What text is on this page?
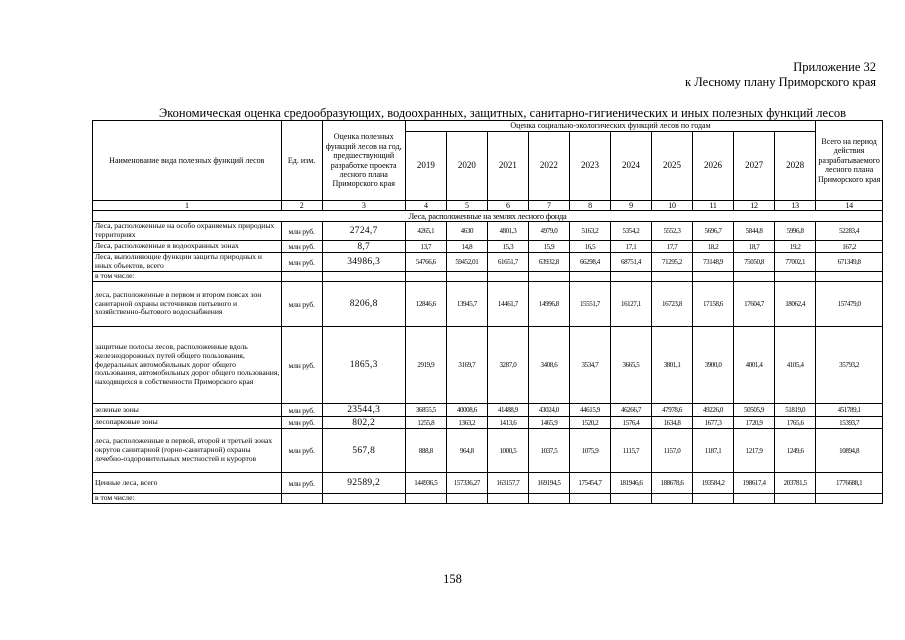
Приложение 32
к Лесному плану Приморского края
Экономическая оценка средообразующих, водоохранных, защитных, санитарно-гигиенических и иных полезных функций лесов
Наименование вида полезных функций лесов	Ед. изм.	Оценка полезных функций лесов на год, предшествующий разработке проекта лесного плана Приморского края	Оценка социально-экологических функций лесов по годам										Всего на период действия разрабатываемого лесного плана Приморского края
			2019	2020	2021	2022	2023	2024	2025	2026	2027	2028	
1	2	3	4	5	6	7	8	9	10	11	12	13	14
Леса, расположенные на землях лесного фонда													
Леса, расположенные на особо охраняемых природных территориях	млн руб.	2724,7	4265,1	4630	4801,3	4979,0	5163,2	5354,2	5552,3	5696,7	5844,8	5996,8	52283,4
Леса, расположенные в водоохранных зонах	млн руб.	8,7	13,7	14,8	15,3	15,9	16,5	17,1	17,7	18,2	18,7	19,2	167,2
Леса, выполняющие функции защиты природных и иных объектов, всего	млн руб.	34986,3	54766,6	59452,01	61651,7	63932,8	66298,4	68751,4	71295,2	73148,9	75050,8	77002,1	671349,8
в том числе:													
леса, расположенные в первом и втором поясах зон санитарной охраны источников питьевого и хозяйственно-бытового водоснабжения	млн руб.	8206,8	12846,6	13945,7	14461,7	14996,8	15551,7	16127,1	16723,8	17158,6	17604,7	18062,4	157479,0
защитные полосы лесов, расположенные вдоль железнодорожных путей общего пользования, федеральных автомобильных дорог общего пользования, автомобильных дорог общего пользования, находящихся в собственности Приморского края	млн руб.	1865,3	2919,9	3169,7	3287,0	3408,6	3534,7	3665,5	3801,1	3900,0	4001,4	4105,4	35793,2
зеленые зоны	млн руб.	23544,3	36855,5	40008,6	41488,9	43024,0	44615,9	46266,7	47978,6	49226,0	50505,9	51819,0	451789,1
лесопарковые зоны	млн руб.	802,2	1255,8	1363,2	1413,6	1465,9	1520,2	1576,4	1634,8	1677,3	1720,9	1765,6	15393,7
леса, расположенные в первой, второй и третьей зонах округов санитарной (горно-санитарной) охраны лечебно-оздоровительных местностей и курортов	млн руб.	567,8	888,8	964,8	1000,5	1037,5	1075,9	1115,7	1157,0	1187,1	1217,9	1249,6	10894,8
Ценные леса, всего	млн руб.	92589,2	144936,5	157336,27	163157,7	169194,5	175454,7	181946,6	188678,6	193584,2	198617,4	203781,5	1776688,1
в том числе:													
158
